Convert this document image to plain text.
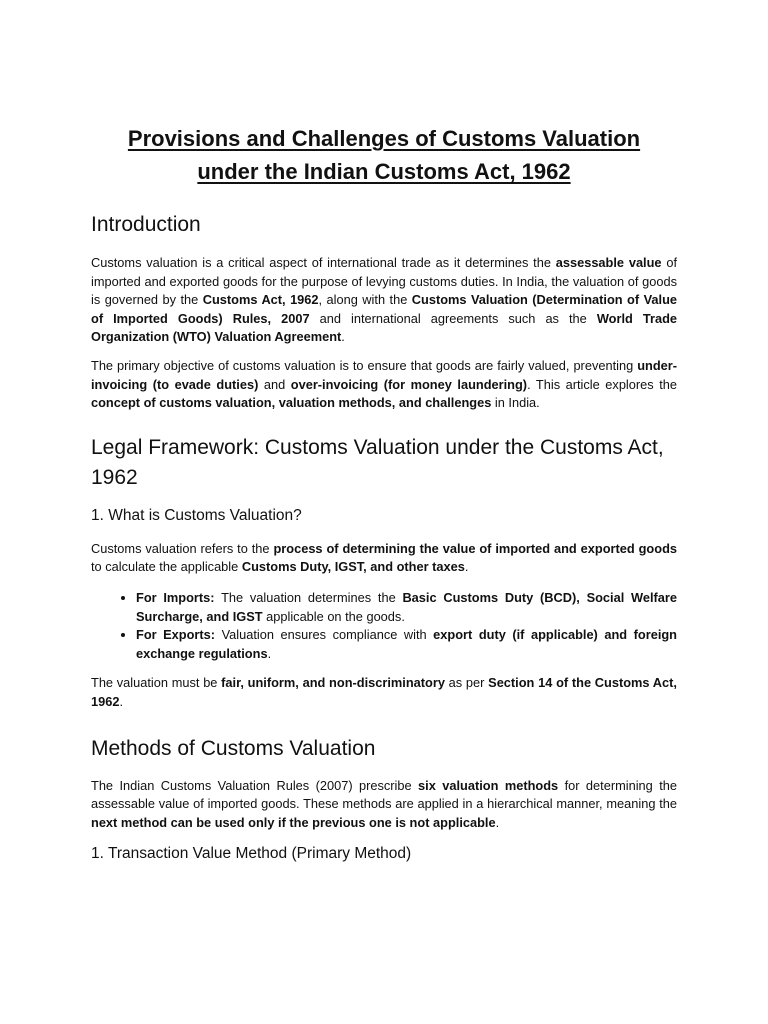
Provisions and Challenges of Customs Valuation
under the Indian Customs Act, 1962
Introduction

Customs valuation is a critical aspect of international trade as it determines the assessable value of imported and exported goods for the purpose of levying customs duties. In India, the valuation of goods is governed by the Customs Act, 1962, along with the Customs Valuation (Determination of Value of Imported Goods) Rules, 2007 and international agreements such as the World Trade Organization (WTO) Valuation Agreement.

The primary objective of customs valuation is to ensure that goods are fairly valued, preventing under-invoicing (to evade duties) and over-invoicing (for money laundering). This article explores the concept of customs valuation, valuation methods, and challenges in India.

Legal Framework: Customs Valuation under the Customs Act, 1962
1. What is Customs Valuation?

Customs valuation refers to the process of determining the value of imported and exported goods to calculate the applicable Customs Duty, IGST, and other taxes.

• For Imports: The valuation determines the Basic Customs Duty (BCD), Social Welfare Surcharge, and IGST applicable on the goods.
• For Exports: Valuation ensures compliance with export duty (if applicable) and foreign exchange regulations.

The valuation must be fair, uniform, and non-discriminatory as per Section 14 of the Customs Act, 1962.

Methods of Customs Valuation

The Indian Customs Valuation Rules (2007) prescribe six valuation methods for determining the assessable value of imported goods. These methods are applied in a hierarchical manner, meaning the next method can be used only if the previous one is not applicable.

1. Transaction Value Method (Primary Method)
